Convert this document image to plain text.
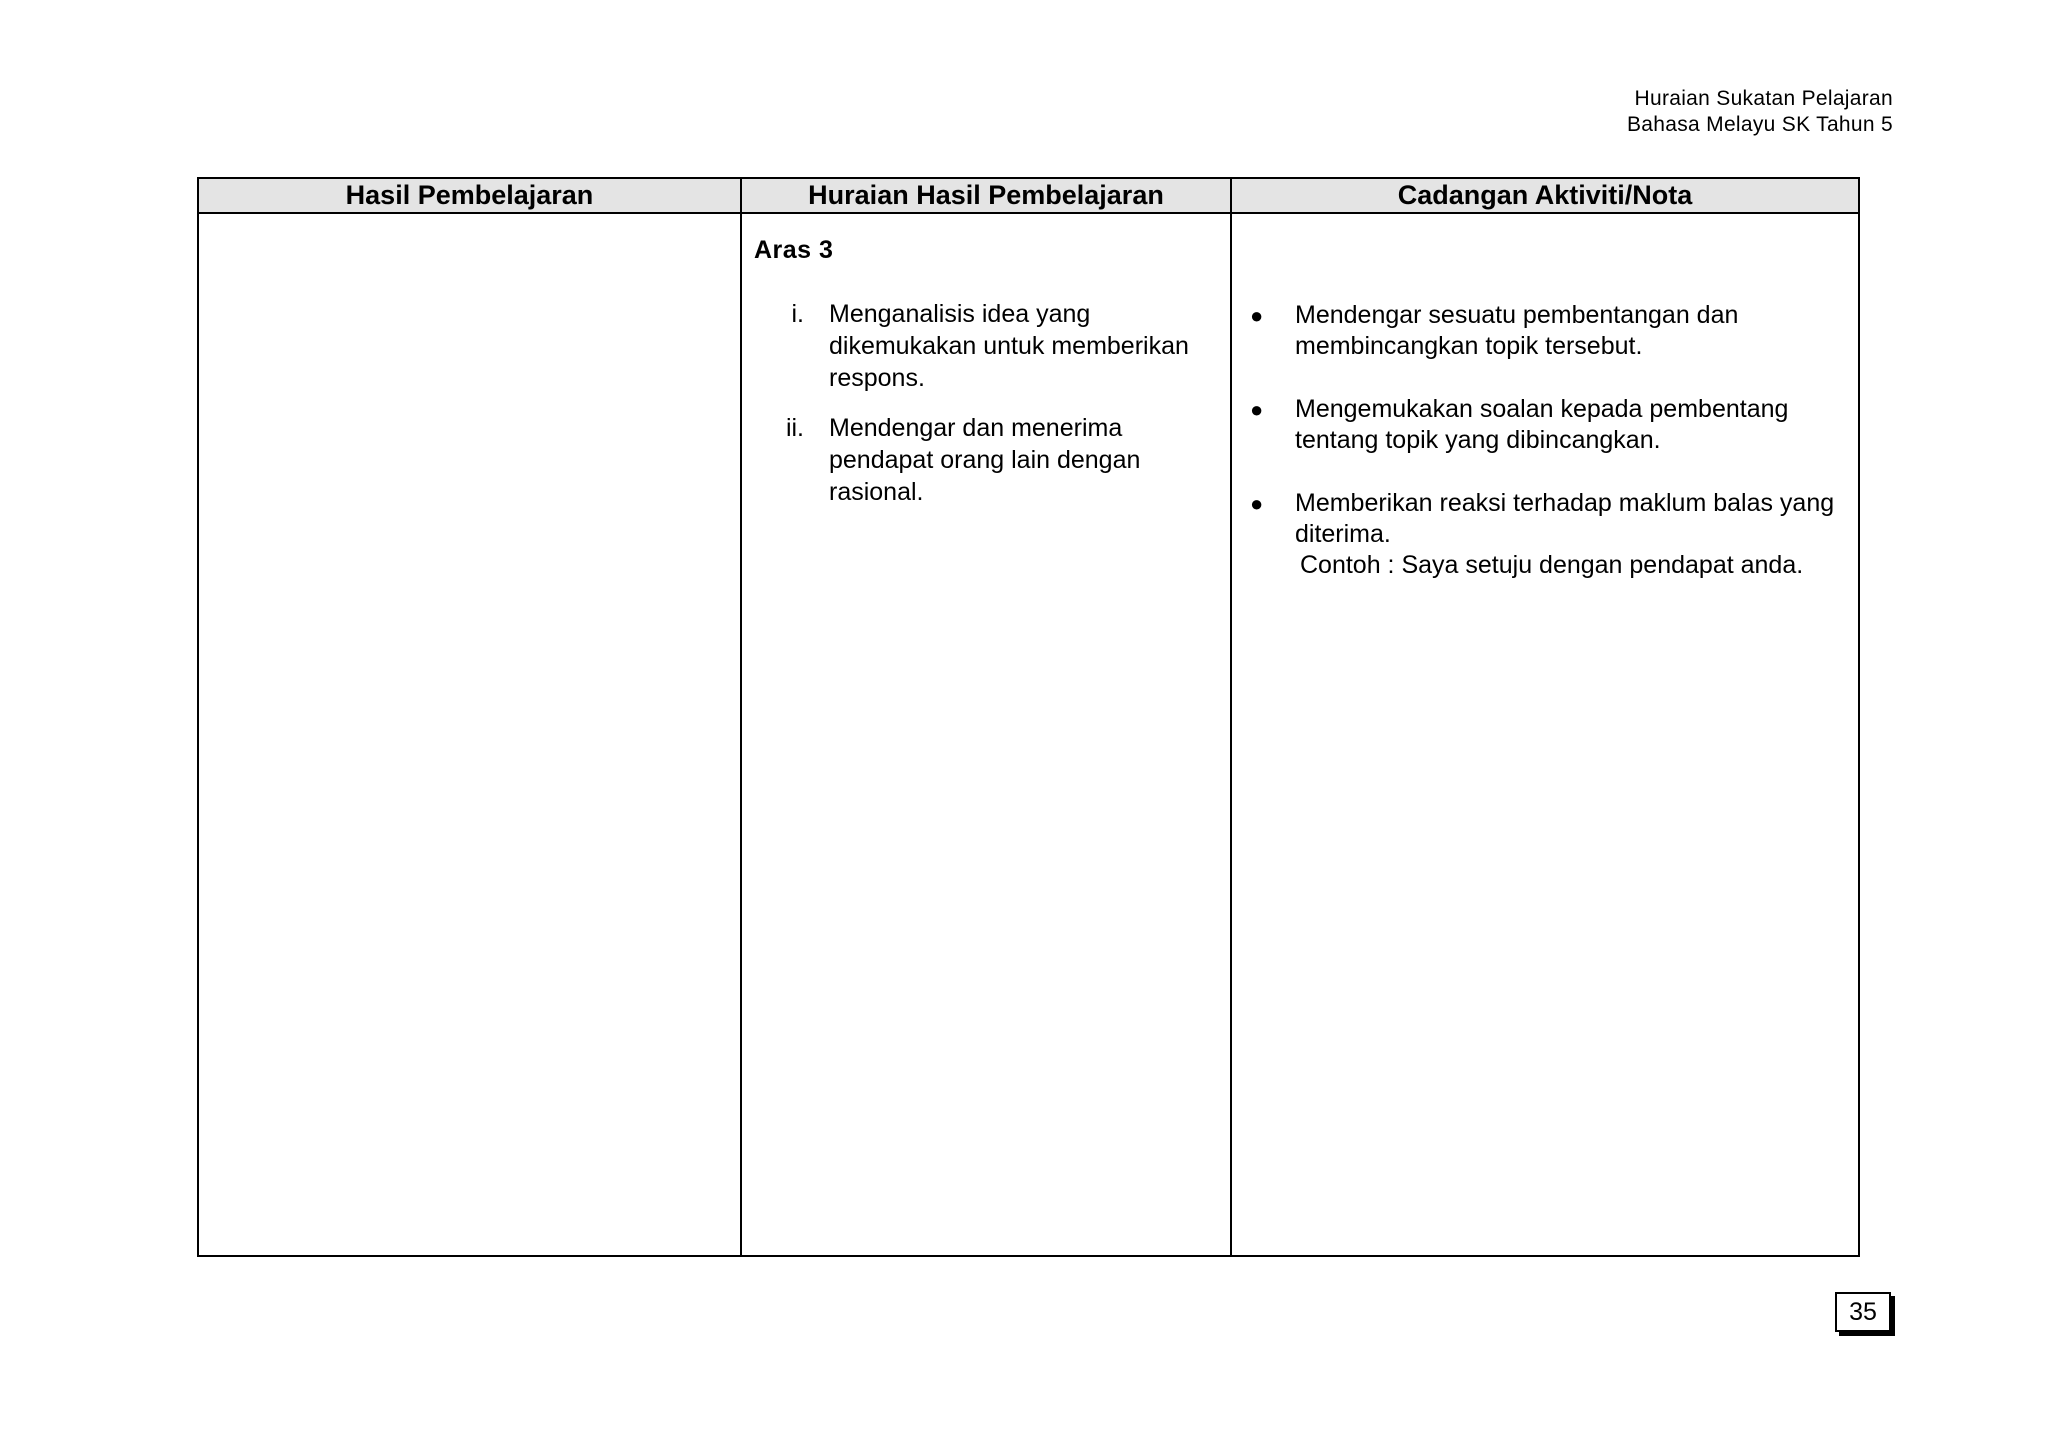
Huraian Sukatan Pelajaran
Bahasa Melayu SK Tahun 5
Hasil Pembelajaran	Huraian Hasil Pembelajaran	Cadangan Aktiviti/Nota
Aras 3
i. Menganalisis idea yang dikemukakan untuk memberikan respons.
ii. Mendengar dan menerima pendapat orang lain dengan rasional.
● Mendengar sesuatu pembentangan dan membincangkan topik tersebut.
● Mengemukakan soalan kepada pembentang tentang topik yang dibincangkan.
● Memberikan reaksi terhadap maklum balas yang diterima.
Contoh : Saya setuju dengan pendapat anda.
35
